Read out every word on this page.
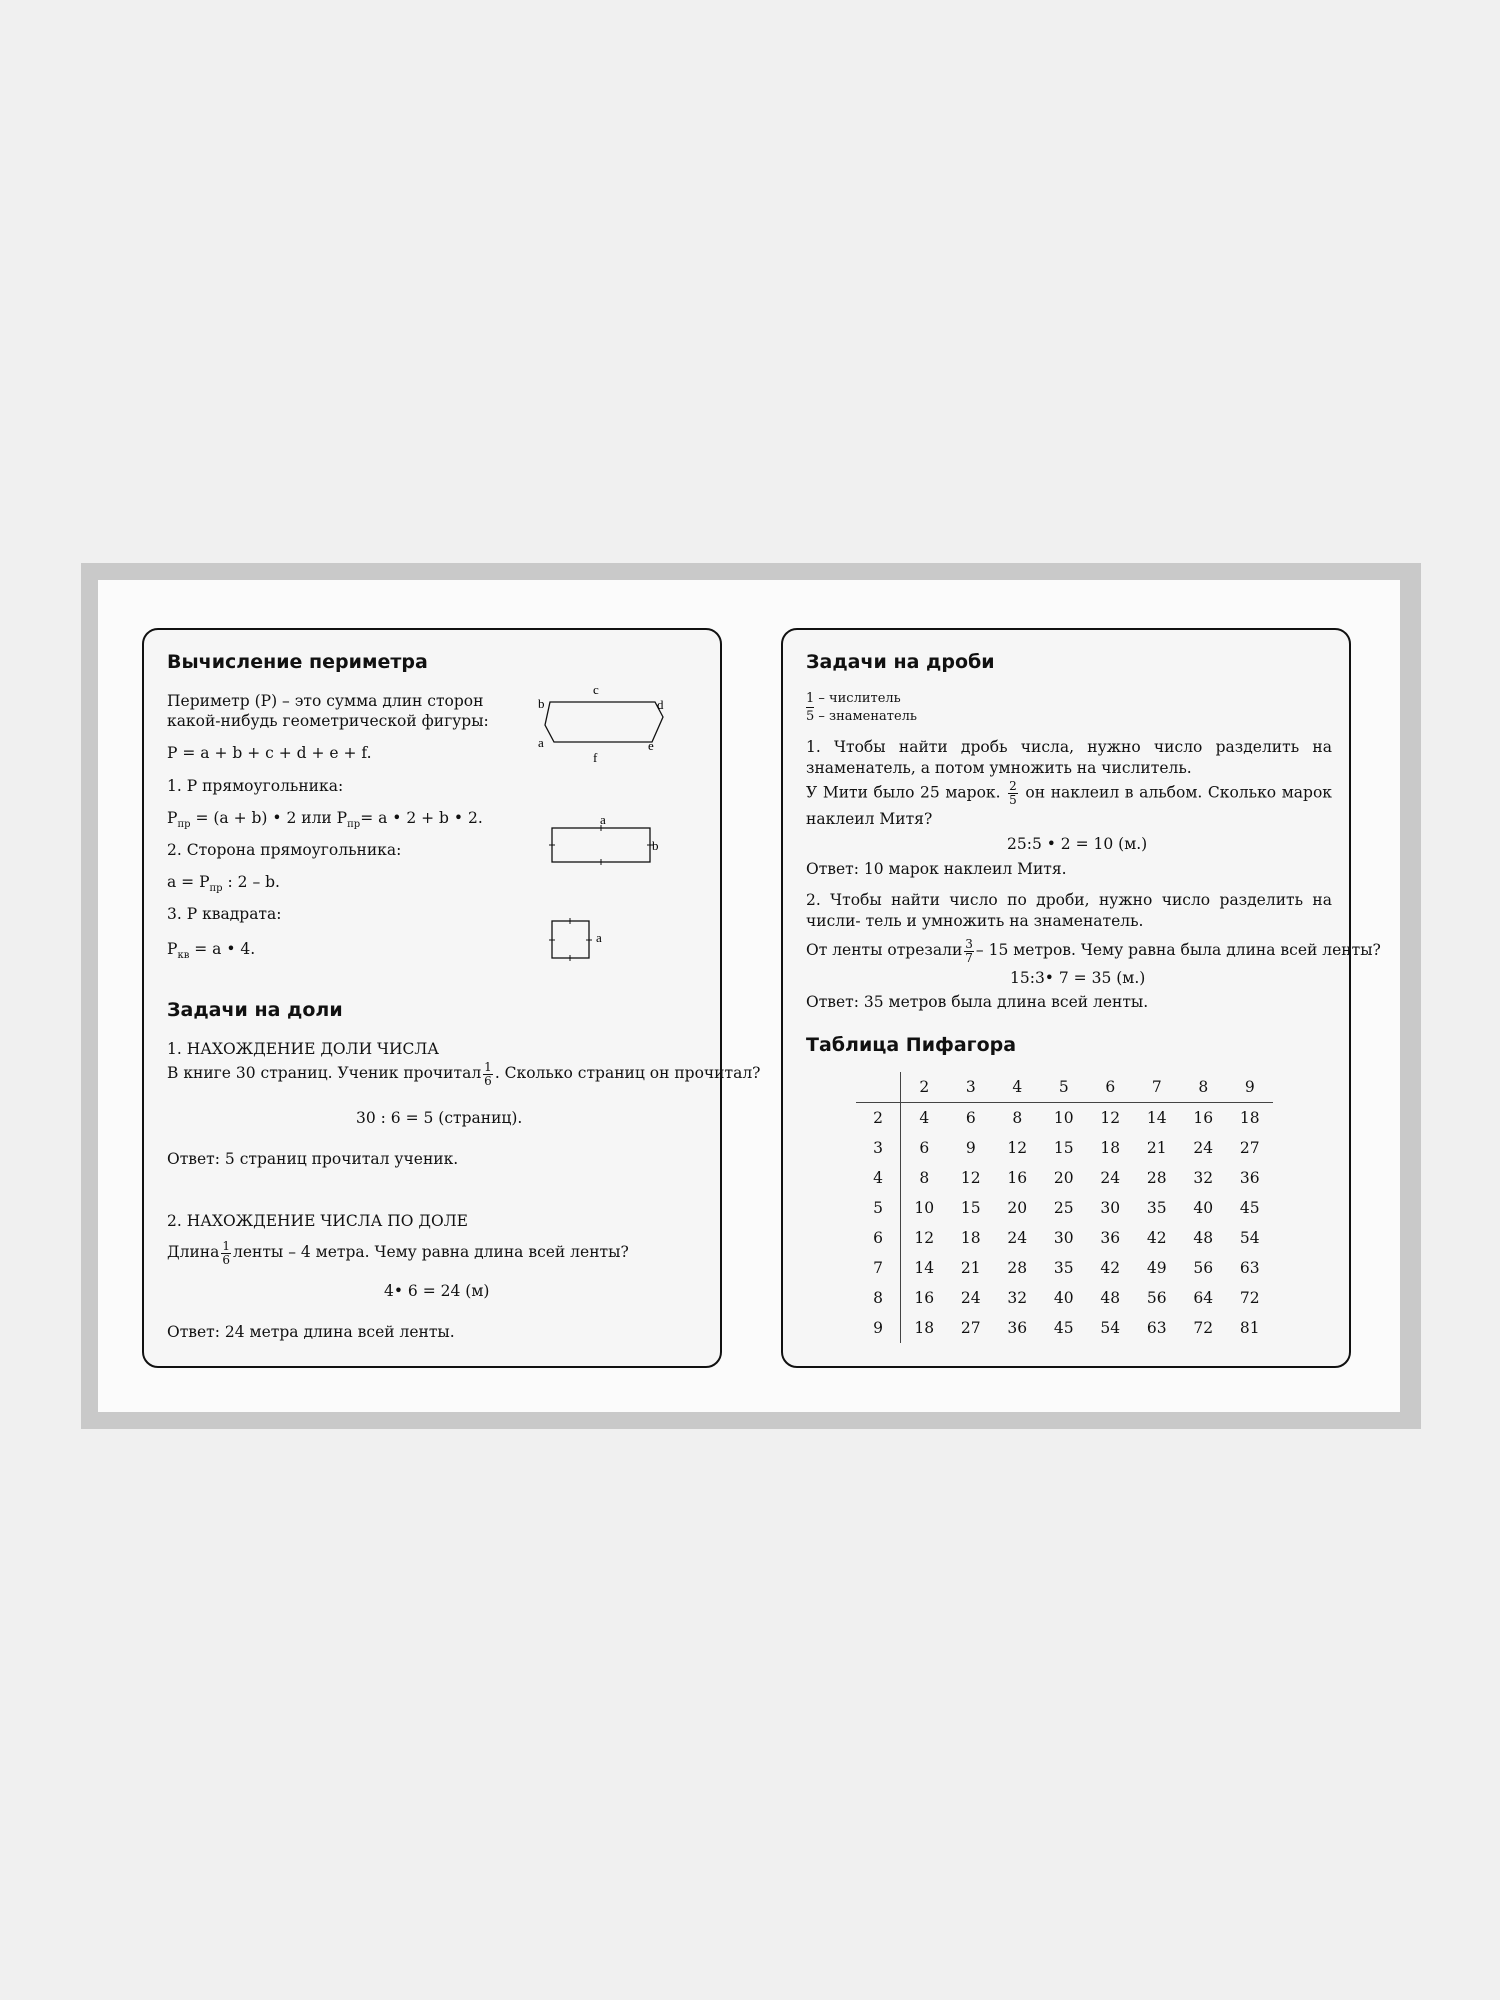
Вычисление периметра
Периметр (Р) – это сумма длин сторон
какой-нибудь геометрической фигуры:
P = a + b + c + d + e + f.
1. Р прямоугольника:
$P_{пр} = (a + b)$ • 2 или $P_{пр}= a$ • 2 + b • 2.
2. Сторона прямоугольника:
$a = P_{пр}$ : 2 – b.
3. Р квадрата:
$P_{кв} = a$ • 4.
a
b
c
d
e
f
a
b
a
Задачи на доли
1. НАХОЖДЕНИЕ ДОЛИ ЧИСЛА
В книге 30 страниц. Ученик прочитал $\frac{1}{6}$ . Сколько страниц он прочитал?
30 : 6 = 5 (страниц).
Ответ: 5 страниц прочитал ученик.
2. НАХОЖДЕНИЕ ЧИСЛА ПО ДОЛЕ
Длина $\frac{1}{6}$ ленты – 4 метра. Чему равна длина всей ленты?
4• 6 = 24 (м)
Ответ: 24 метра длина всей ленты.
Задачи на дроби
1 – числитель
5 – знаменатель
1. Чтобы найти дробь числа, нужно число разделить на знаменатель, а потом умножить на числитель.
У Мити было 25 марок. $\frac{2}{5}$ он наклеил в альбом. Сколько марок наклеил Митя?
25:5 • 2 = 10 (м.)
Ответ: 10 марок наклеил Митя.
2. Чтобы найти число по дроби, нужно число разделить на числи- тель и умножить на знаменатель.
От ленты отрезали $\frac{3}{7} - 15$ метров. Чему равна была длина всей ленты?
15:3• 7 = 35 (м.)
Ответ: 35 метров была длина всей ленты.
Таблица Пифагора
	2	3	4	5	6	7	8	9
2	4	6	8	10	12	14	16	18
3	6	9	12	15	18	21	24	27
4	8	12	16	20	24	28	32	36
5	10	15	20	25	30	35	40	45
6	12	18	24	30	36	42	48	54
7	14	21	28	35	42	49	56	63
8	16	24	32	40	48	56	64	72
9	18	27	36	45	54	63	72	81
